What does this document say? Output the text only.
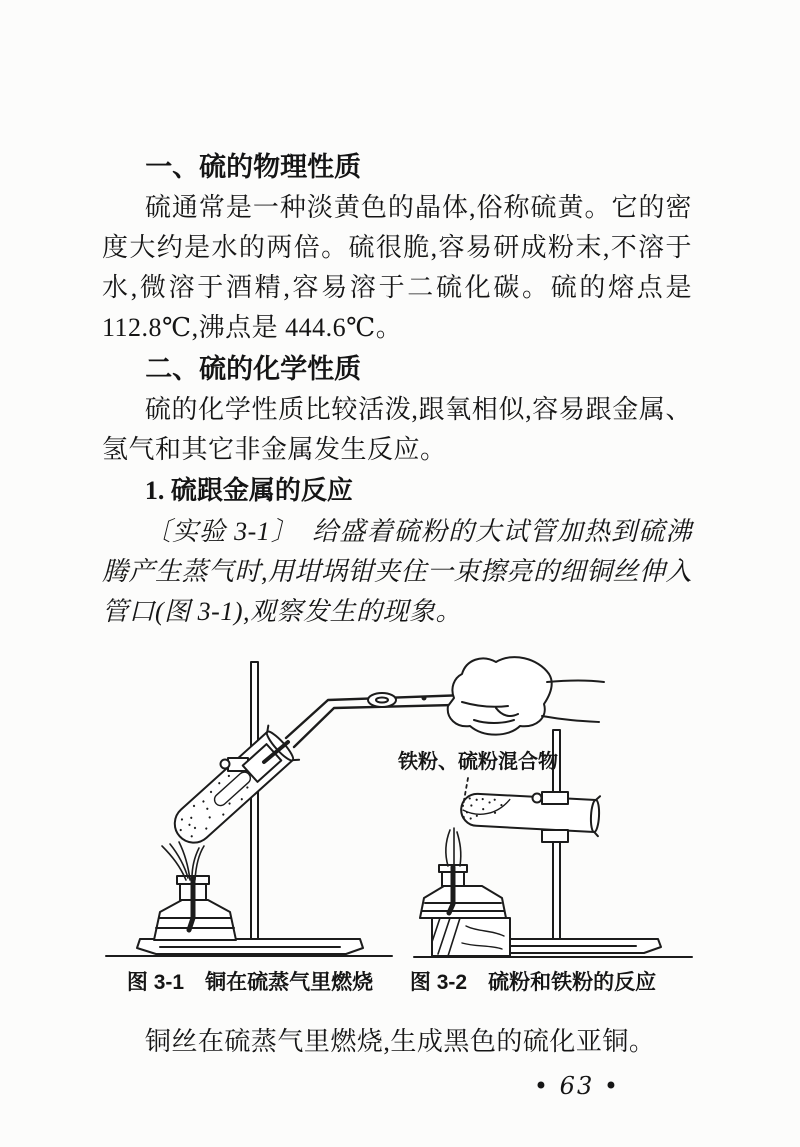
一、硫的物理性质

硫通常是一种淡黄色的晶体,俗称硫黄。它的密度大约是水的两倍。硫很脆,容易研成粉末,不溶于水,微溶于酒精,容易溶于二硫化碳。硫的熔点是 112.8℃,沸点是 444.6℃。

二、硫的化学性质

硫的化学性质比较活泼,跟氧相似,容易跟金属、氢气和其它非金属发生反应。

1. 硫跟金属的反应

〔实验 3-1〕　给盛着硫粉的大试管加热到硫沸腾产生蒸气时,用坩埚钳夹住一束擦亮的细铜丝伸入管口(图 3-1),观察发生的现象。

铁粉、硫粉混合物
图 3-1　铜在硫蒸气里燃烧	图 3-2　硫粉和铁粉的反应

铜丝在硫蒸气里燃烧,生成黑色的硫化亚铜。

• 63 •
